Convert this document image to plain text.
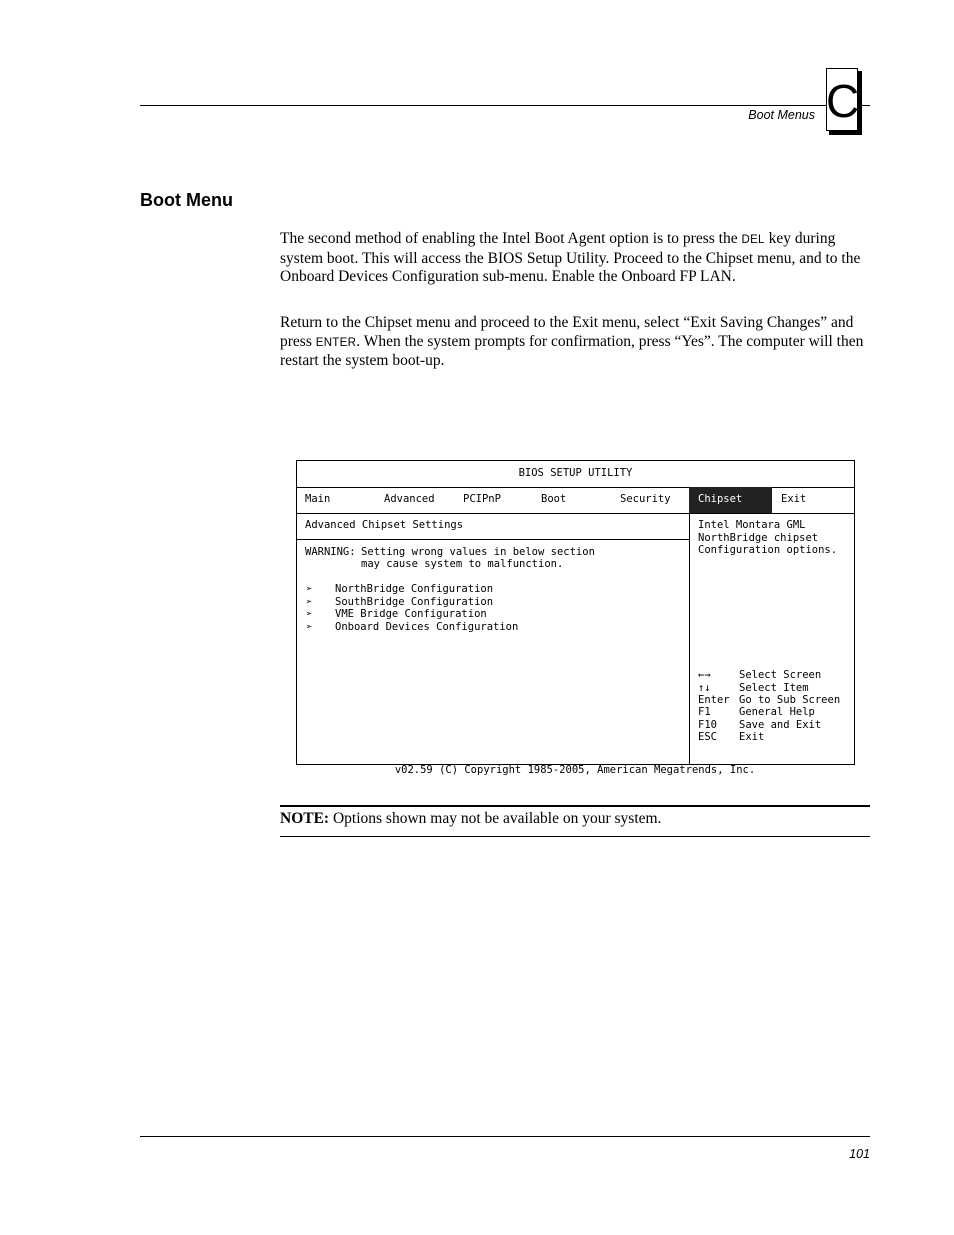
Boot Menus C
Boot Menu
The second method of enabling the Intel Boot Agent option is to press the DEL key during system boot. This will access the BIOS Setup Utility. Proceed to the Chipset menu, and to the Onboard Devices Configuration sub-menu. Enable the Onboard FP LAN.
Return to the Chipset menu and proceed to the Exit menu, select “Exit Saving Changes” and press ENTER. When the system prompts for confirmation, press “Yes”. The computer will then restart the system boot-up.
BIOS SETUP UTILITY
Main	Advanced	PCIPnP	Boot	Security	Chipset	Exit
Advanced Chipset Settings
WARNING: Setting wrong values in below section
may cause system to malfunction.
➢ NorthBridge Configuration
➢ SouthBridge Configuration
➢ VME Bridge Configuration
➢ Onboard Devices Configuration
Intel Montara GML
NorthBridge chipset
Configuration options.
←→	Select Screen
↑↓	Select Item
Enter Go to Sub Screen
F1	General Help
F10 Save and Exit
ESC Exit
v02.59 (C) Copyright 1985-2005, American Megatrends, Inc.
NOTE: Options shown may not be available on your system.
101
